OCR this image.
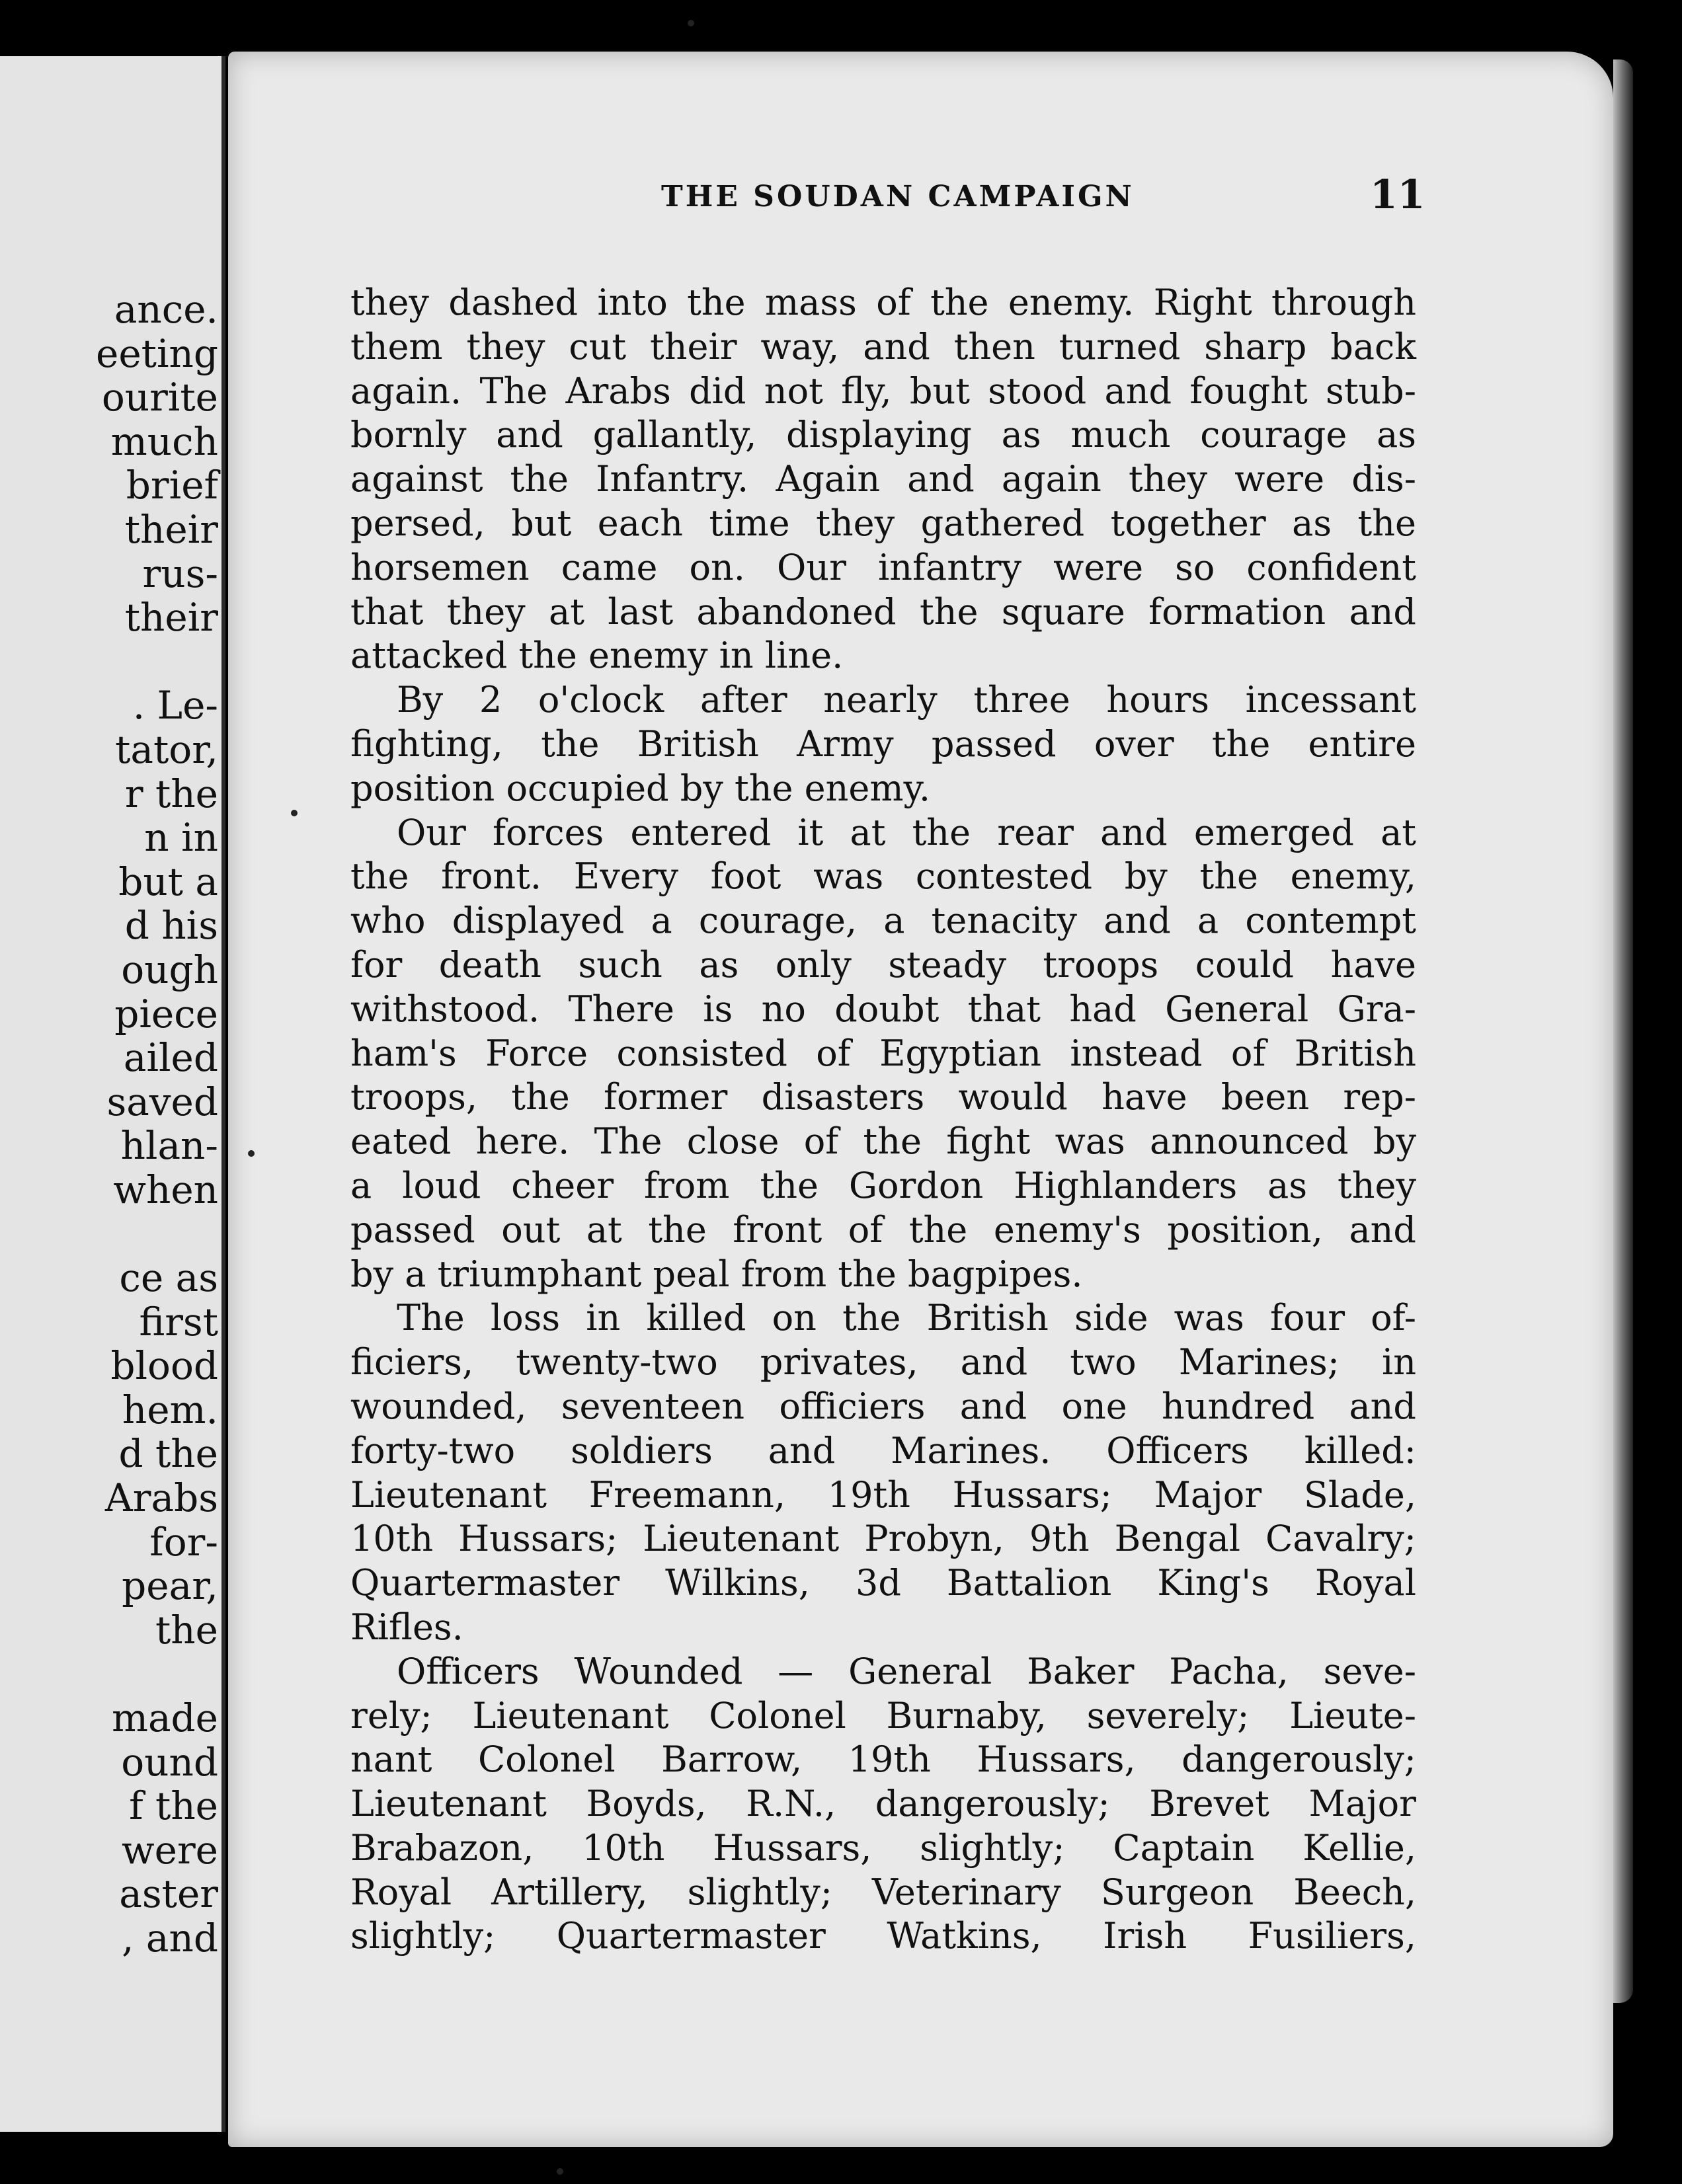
ance.
eeting
ourite
much
brief
their
rus-
their
. Le-
tator,
r the
n in
but a
d his
ough
piece
ailed
saved
hlan-
when
ce as
first
blood
hem.
d the
Arabs
for-
pear,
the
made
ound
f the
were
aster
, and
THE SOUDAN CAMPAIGN	11
they dashed into the mass of the enemy. Right through
them they cut their way, and then turned sharp back
again. The Arabs did not fly, but stood and fought stub-
bornly and gallantly, displaying as much courage as
against the Infantry. Again and again they were dis-
persed, but each time they gathered together as the
horsemen came on. Our infantry were so confident
that they at last abandoned the square formation and
attacked the enemy in line.
By 2 o'clock after nearly three hours incessant
fighting, the British Army passed over the entire
position occupied by the enemy.
Our forces entered it at the rear and emerged at
the front. Every foot was contested by the enemy,
who displayed a courage, a tenacity and a contempt
for death such as only steady troops could have
withstood. There is no doubt that had General Gra-
ham's Force consisted of Egyptian instead of British
troops, the former disasters would have been rep-
eated here. The close of the fight was announced by
a loud cheer from the Gordon Highlanders as they
passed out at the front of the enemy's position, and
by a triumphant peal from the bagpipes.
The loss in killed on the British side was four of-
ficiers, twenty-two privates, and two Marines; in
wounded, seventeen officiers and one hundred and
forty-two soldiers and Marines. Officers killed:
Lieutenant Freemann, 19th Hussars; Major Slade,
10th Hussars; Lieutenant Probyn, 9th Bengal Cavalry;
Quartermaster Wilkins, 3d Battalion King's Royal
Rifles.
Officers Wounded — General Baker Pacha, seve-
rely; Lieutenant Colonel Burnaby, severely; Lieute-
nant Colonel Barrow, 19th Hussars, dangerously;
Lieutenant Boyds, R.N., dangerously; Brevet Major
Brabazon, 10th Hussars, slightly; Captain Kellie,
Royal Artillery, slightly; Veterinary Surgeon Beech,
slightly; Quartermaster Watkins, Irish Fusiliers,
